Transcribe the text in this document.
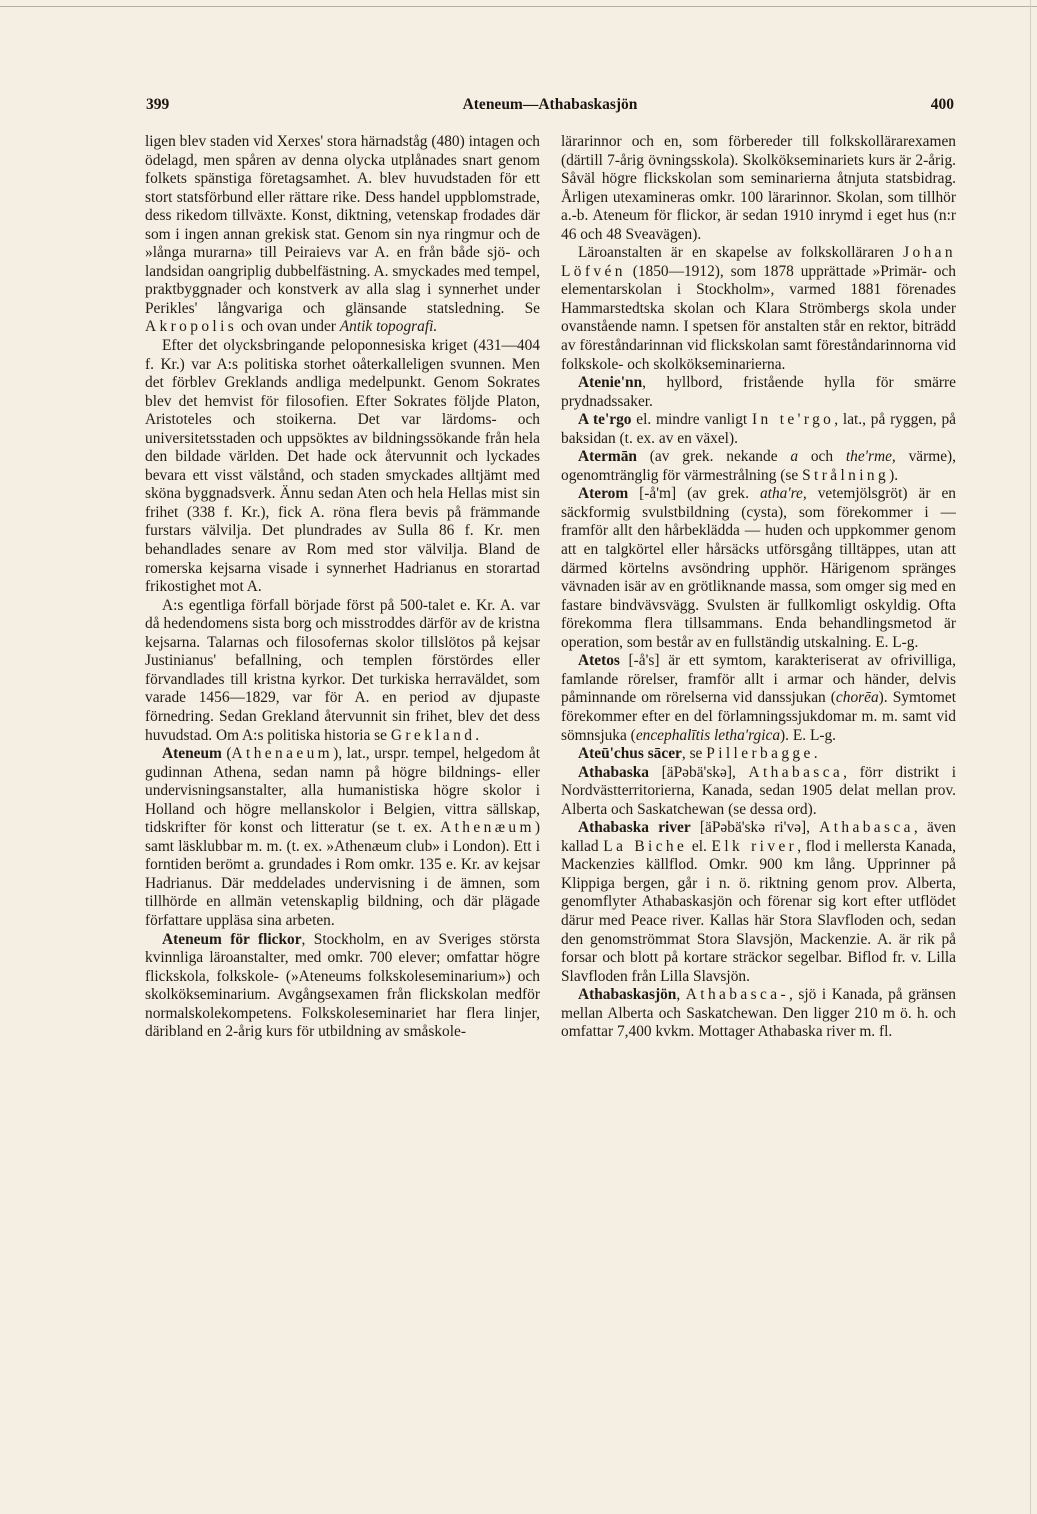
399	Ateneum—Athabaskasjön	400

ligen blev staden vid Xerxes' stora härnadståg (480) intagen och ödelagd, men spåren av denna olycka utplånades snart genom folkets spänstiga företagsamhet. A. blev huvudstaden för ett stort statsförbund eller rättare rike. Dess handel uppblomstrade, dess rikedom tillväxte. Konst, diktning, vetenskap frodades där som i ingen annan grekisk stat. Genom sin nya ringmur och de »långa murarna» till Peiraievs var A. en från både sjö- och landsidan oangriplig dubbelfästning. A. smyckades med tempel, praktbyggnader och konstverk av alla slag i synnerhet under Perikles' långvariga och glänsande statsledning. Se Akropolis och ovan under Antik topografi.

Efter det olycksbringande peloponnesiska kriget (431—404 f. Kr.) var A:s politiska storhet oåterkalleligen svunnen. Men det förblev Greklands andliga medelpunkt. Genom Sokrates blev det hemvist för filosofien. Efter Sokrates följde Platon, Aristoteles och stoikerna. Det var lärdoms- och universitetsstaden och uppsöktes av bildningssökande från hela den bildade världen. Det hade ock återvunnit och lyckades bevara ett visst välstånd, och staden smyckades alltjämt med sköna byggnadsverk. Ännu sedan Aten och hela Hellas mist sin frihet (338 f. Kr.), fick A. röna flera bevis på främmande furstars välvilja. Det plundrades av Sulla 86 f. Kr. men behandlades senare av Rom med stor välvilja. Bland de romerska kejsarna visade i synnerhet Hadrianus en storartad frikostighet mot A.

A:s egentliga förfall började först på 500-talet e. Kr. A. var då hedendomens sista borg och misstroddes därför av de kristna kejsarna. Talarnas och filosofernas skolor tillslötos på kejsar Justinianus' befallning, och templen förstördes eller förvandlades till kristna kyrkor. Det turkiska herraväldet, som varade 1456—1829, var för A. en period av djupaste förnedring. Sedan Grekland återvunnit sin frihet, blev det dess huvudstad. Om A:s politiska historia se Grekland.

Ateneum (Athenaeum), lat., urspr. tempel, helgedom åt gudinnan Athena, sedan namn på högre bildnings- eller undervisningsanstalter, alla humanistiska högre skolor i Holland och högre mellanskolor i Belgien, vittra sällskap, tidskrifter för konst och litteratur (se t. ex. Athenæum) samt läsklubbar m. m. (t. ex. »Athenæum club» i London). Ett i forntiden berömt a. grundades i Rom omkr. 135 e. Kr. av kejsar Hadrianus. Där meddelades undervisning i de ämnen, som tillhörde en allmän vetenskaplig bildning, och där plägade författare uppläsa sina arbeten.

Ateneum för flickor, Stockholm, en av Sveriges största kvinnliga läroanstalter, med omkr. 700 elever; omfattar högre flickskola, folkskole- (»Ateneums folkskoleseminarium») och skolkökseminarium. Avgångsexamen från flickskolan medför normalskolekompetens. Folkskoleseminariet har flera linjer, däribland en 2-årig kurs för utbildning av småskole-

lärarinnor och en, som förbereder till folkskollärarexamen (därtill 7-årig övningsskola). Skolkökseminariets kurs är 2-årig. Såväl högre flickskolan som seminarierna åtnjuta statsbidrag. Årligen utexamineras omkr. 100 lärarinnor. Skolan, som tillhör a.-b. Ateneum för flickor, är sedan 1910 inrymd i eget hus (n:r 46 och 48 Sveavägen).

Läroanstalten är en skapelse av folkskolläraren Johan Löfvén (1850—1912), som 1878 upprättade »Primär- och elementarskolan i Stockholm», varmed 1881 förenades Hammarstedtska skolan och Klara Strömbergs skola under ovanstående namn. I spetsen för anstalten står en rektor, biträdd av föreståndarinnan vid flickskolan samt föreståndarinnorna vid folkskole- och skolkökseminarierna.

Atenie'nn, hyllbord, fristående hylla för smärre prydnadssaker.

A te'rgo el. mindre vanligt In te'rgo, lat., på ryggen, på baksidan (t. ex. av en växel).

Atermān (av grek. nekande a och the'rme, värme), ogenomtränglig för värmestrålning (se Strålning).

Aterom [-å'm] (av grek. atha're, vetemjölsgröt) är en säckformig svulstbildning (cysta), som förekommer i — framför allt den hårbeklädda — huden och uppkommer genom att en talgkörtel eller hårsäcks utförsgång tilltäppes, utan att därmed körtelns avsöndring upphör. Härigenom spränges vävnaden isär av en grötliknande massa, som omger sig med en fastare bindvävsvägg. Svulsten är fullkomligt oskyldig. Ofta förekomma flera tillsammans. Enda behandlingsmetod är operation, som består av en fullständig utskalning. E. L-g.

Atetos [-å's] är ett symtom, karakteriserat av ofrivilliga, famlande rörelser, framför allt i armar och händer, delvis påminnande om rörelserna vid danssjukan (chorēa). Symtomet förekommer efter en del förlamningssjukdomar m. m. samt vid sömnsjuka (encephalītis letha'rgica). E. L-g.

Ateū'chus sācer, se Pillerbagge.

Athabaska [äPəbä'skə], Athabasca, förr distrikt i Nordvästterritorierna, Kanada, sedan 1905 delat mellan prov. Alberta och Saskatchewan (se dessa ord).

Athabaska river [äPəbä'skə ri'və], Athabasca, även kallad La Biche el. Elk river, flod i mellersta Kanada, Mackenzies källflod. Omkr. 900 km lång. Upprinner på Klippiga bergen, går i n. ö. riktning genom prov. Alberta, genomflyter Athabaskasjön och förenar sig kort efter utflödet därur med Peace river. Kallas här Stora Slavfloden och, sedan den genomströmmat Stora Slavsjön, Mackenzie. A. är rik på forsar och blott på kortare sträckor segelbar. Biflod fr. v. Lilla Slavfloden från Lilla Slavsjön.

Athabaskasjön, Athabasca-, sjö i Kanada, på gränsen mellan Alberta och Saskatchewan. Den ligger 210 m ö. h. och omfattar 7,400 kvkm. Mottager Athabaska river m. fl.
